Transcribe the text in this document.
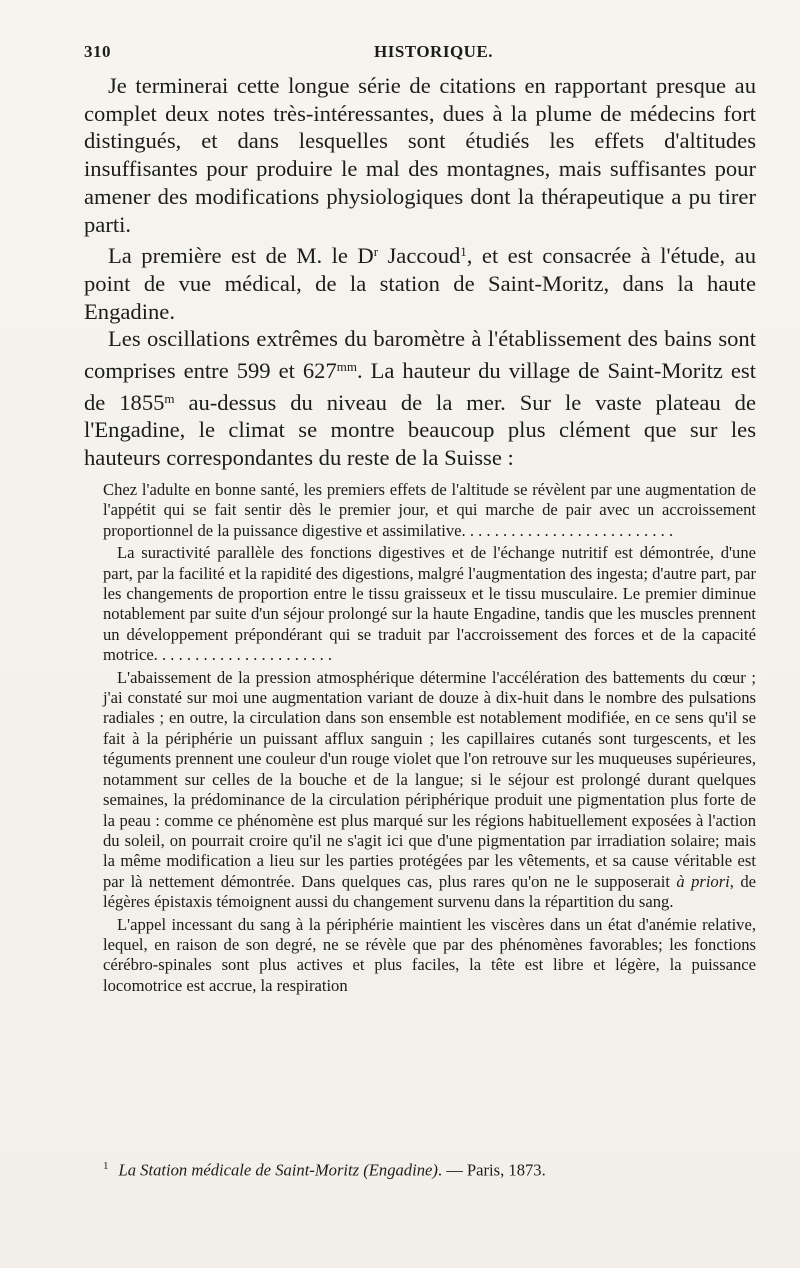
310	HISTORIQUE.

Je terminerai cette longue série de citations en rapportant presque au complet deux notes très-intéressantes, dues à la plume de médecins fort distingués, et dans lesquelles sont étudiés les effets d'altitudes insuffisantes pour produire le mal des montagnes, mais suffisantes pour amener des modifications physiologiques dont la thérapeutique a pu tirer parti.

La première est de M. le $D^r$ Jaccoud$^1$, et est consacrée à l'étude, au point de vue médical, de la station de Saint-Moritz, dans la haute Engadine.

Les oscillations extrêmes du baromètre à l'établissement des bains sont comprises entre 599 et $627^{mm}$. La hauteur du village de Saint-Moritz est de 1855$^m$ au-dessus du niveau de la mer. Sur le vaste plateau de l'Engadine, le climat se montre beaucoup plus clément que sur les hauteurs correspondantes du reste de la Suisse :

Chez l'adulte en bonne santé, les premiers effets de l'altitude se révèlent par une augmentation de l'appétit qui se fait sentir dès le premier jour, et qui marche de pair avec un accroissement proportionnel de la puissance digestive et assimilative. . . . . . . . . . . . . . . . . . . . . . . . . .

La suractivité parallèle des fonctions digestives et de l'échange nutritif est démontrée, d'une part, par la facilité et la rapidité des digestions, malgré l'augmentation des ingesta; d'autre part, par les changements de proportion entre le tissu graisseux et le tissu musculaire. Le premier diminue notablement par suite d'un séjour prolongé sur la haute Engadine, tandis que les muscles prennent un développement prépondérant qui se traduit par l'accroissement des forces et de la capacité motrice. . . . . . . . . . . . . . . . . . . . . .

L'abaissement de la pression atmosphérique détermine l'accélération des battements du cœur ; j'ai constaté sur moi une augmentation variant de douze à dix-huit dans le nombre des pulsations radiales ; en outre, la circulation dans son ensemble est notablement modifiée, en ce sens qu'il se fait à la périphérie un puissant afflux sanguin ; les capillaires cutanés sont turgescents, et les téguments prennent une couleur d'un rouge violet que l'on retrouve sur les muqueuses supérieures, notamment sur celles de la bouche et de la langue; si le séjour est prolongé durant quelques semaines, la prédominance de la circulation périphérique produit une pigmentation plus forte de la peau : comme ce phénomène est plus marqué sur les régions habituellement exposées à l'action du soleil, on pourrait croire qu'il ne s'agit ici que d'une pigmentation par irradiation solaire; mais la même modification a lieu sur les parties protégées par les vêtements, et sa cause véritable est par là nettement démontrée. Dans quelques cas, plus rares qu'on ne le supposerait à priori, de légères épistaxis témoignent aussi du changement survenu dans la répartition du sang.

L'appel incessant du sang à la périphérie maintient les viscères dans un état d'anémie relative, lequel, en raison de son degré, ne se révèle que par des phénomènes favorables; les fonctions cérébro-spinales sont plus actives et plus faciles, la tête est libre et légère, la puissance locomotrice est accrue, la respiration

$^1$ La Station médicale de Saint-Moritz (Engadine). — Paris, 1873.
